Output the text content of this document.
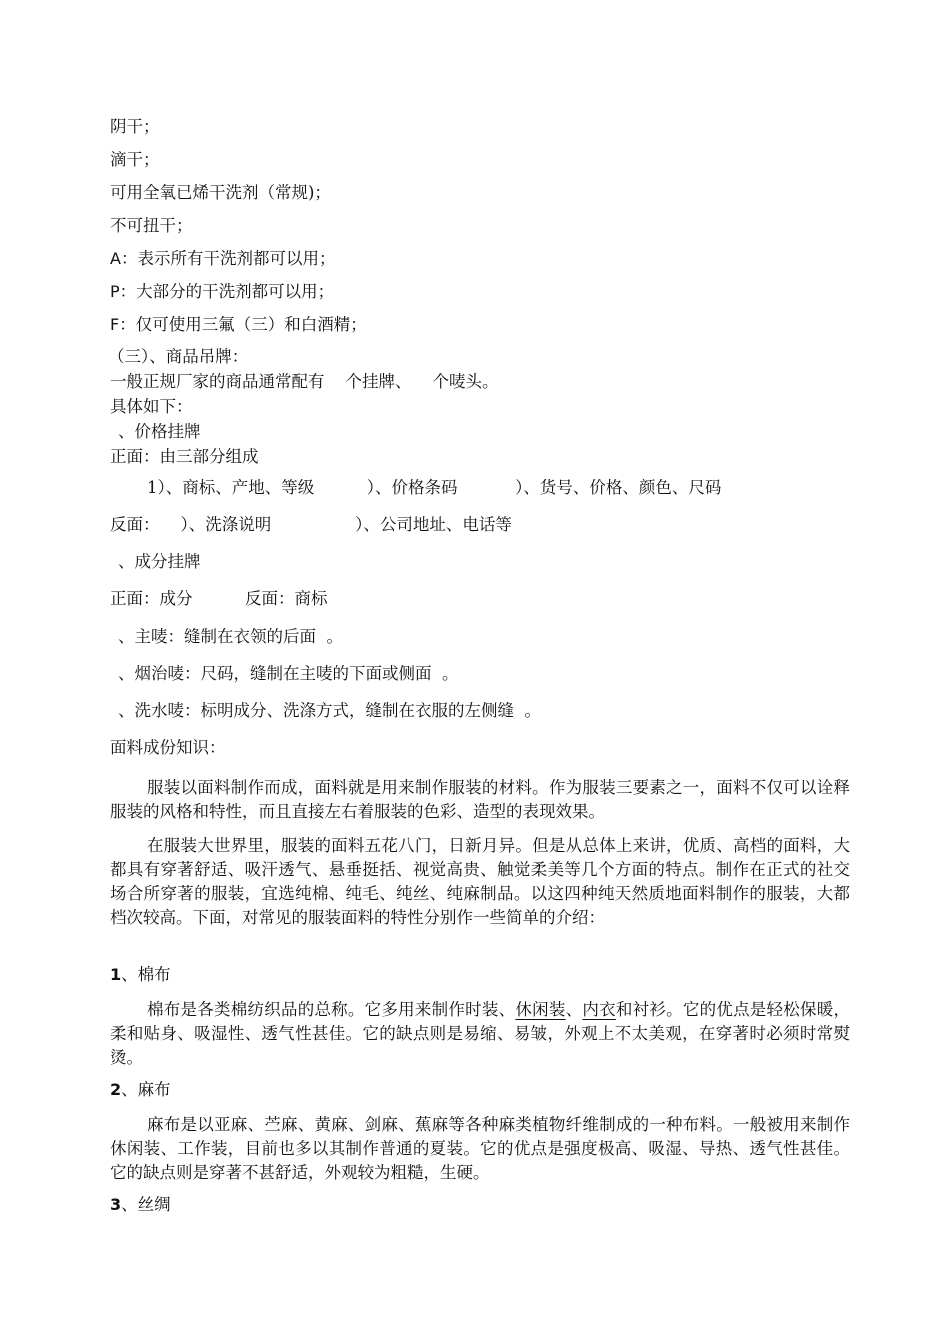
阴干；
滴干；
可用全氧已烯干洗剂（常规)；
不可扭干；
A：表示所有干洗剂都可以用；
P：大部分的干洗剂都可以用；
F：仅可使用三氟（三）和白酒精；
（三）、商品吊牌：
一般正规厂家的商品通常配有    个挂牌、    个唛头。
具体如下：
、价格挂牌
正面：由三部分组成
1）、商标、产地、等级          ）、价格条码           ）、货号、价格、颜色、尺码
反面：    ）、洗涤说明                ）、公司地址、电话等
、成分挂牌
正面：成分          反面：商标
、主唛：缝制在衣领的后面  。
、烟治唛：尺码，缝制在主唛的下面或侧面  。
、洗水唛：标明成分、洗涤方式，缝制在衣服的左侧缝  。
面料成份知识：

服装以面料制作而成，面料就是用来制作服装的材料。作为服装三要素之一，面料不仅可以诠释服装的风格和特性，而且直接左右着服装的色彩、造型的表现效果。

在服装大世界里，服装的面料五花八门，日新月异。但是从总体上来讲，优质、高档的面料，大都具有穿著舒适、吸汗透气、悬垂挺括、视觉高贵、触觉柔美等几个方面的特点。制作在正式的社交场合所穿著的服装，宜选纯棉、纯毛、纯丝、纯麻制品。以这四种纯天然质地面料制作的服装，大都档次较高。下面，对常见的服装面料的特性分别作一些简单的介绍：

1、棉布

棉布是各类棉纺织品的总称。它多用来制作时装、休闲装、内衣和衬衫。它的优点是轻松保暖，柔和贴身、吸湿性、透气性甚佳。它的缺点则是易缩、易皱，外观上不太美观，在穿著时必须时常熨烫。

2、麻布

麻布是以亚麻、苎麻、黄麻、剑麻、蕉麻等各种麻类植物纤维制成的一种布料。一般被用来制作休闲装、工作装，目前也多以其制作普通的夏装。它的优点是强度极高、吸湿、导热、透气性甚佳。它的缺点则是穿著不甚舒适，外观较为粗糙，生硬。

3、丝绸
